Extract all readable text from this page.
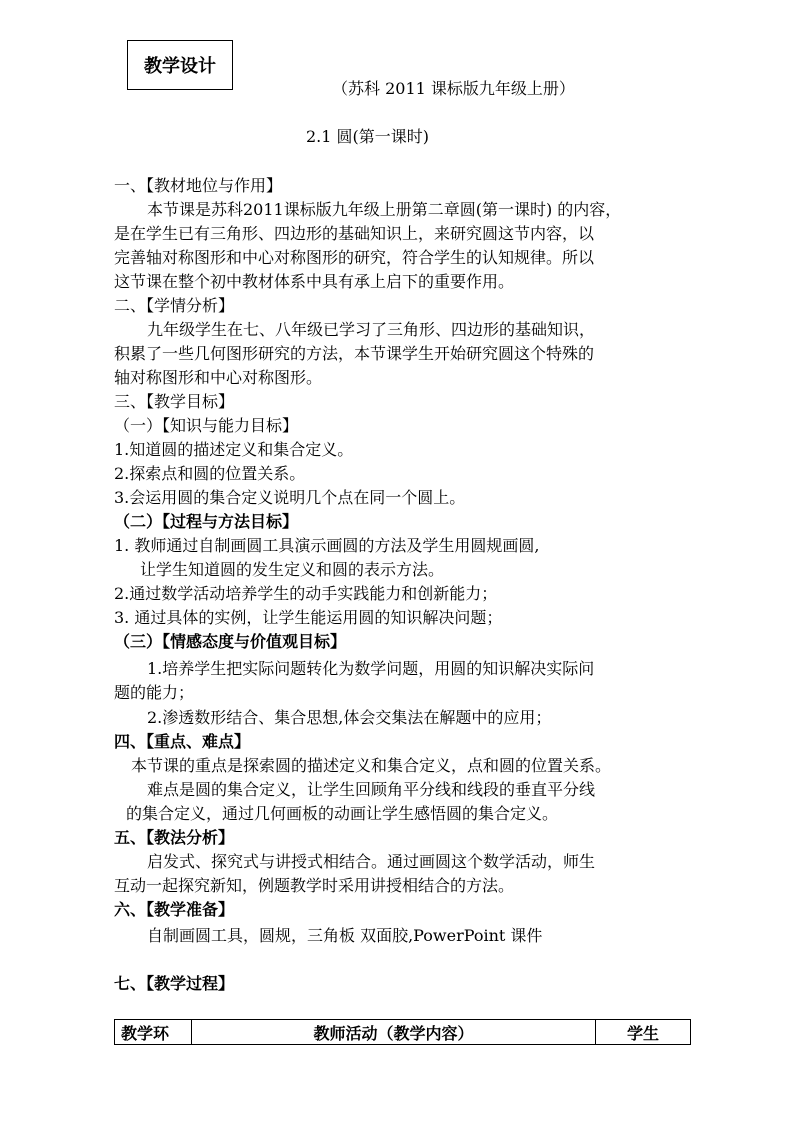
教学设计
（苏科 2011 课标版九年级上册）
2.1 圆(第一课时)
一、【教材地位与作用】
本节课是苏科2011课标版九年级上册第二章圆(第一课时) 的内容，
是在学生已有三角形、四边形的基础知识上，来研究圆这节内容，以
完善轴对称图形和中心对称图形的研究，符合学生的认知规律。所以
这节课在整个初中教材体系中具有承上启下的重要作用。
二、【学情分析】
九年级学生在七、八年级已学习了三角形、四边形的基础知识，
积累了一些几何图形研究的方法，本节课学生开始研究圆这个特殊的
轴对称图形和中心对称图形。
三、【教学目标】
（一）【知识与能力目标】
1.知道圆的描述定义和集合定义。
2.探索点和圆的位置关系。
3.会运用圆的集合定义说明几个点在同一个圆上。
（二）【过程与方法目标】
1. 教师通过自制画圆工具演示画圆的方法及学生用圆规画圆,
让学生知道圆的发生定义和圆的表示方法。
2.通过数学活动培养学生的动手实践能力和创新能力；
3. 通过具体的实例，让学生能运用圆的知识解决问题；
（三）【情感态度与价值观目标】
1.培养学生把实际问题转化为数学问题，用圆的知识解决实际问
题的能力；
2.渗透数形结合、集合思想,体会交集法在解题中的应用；
四、【重点、难点】
本节课的重点是探索圆的描述定义和集合定义，点和圆的位置关系。
难点是圆的集合定义，让学生回顾角平分线和线段的垂直平分线
的集合定义，通过几何画板的动画让学生感悟圆的集合定义。
五、【教法分析】
启发式、探究式与讲授式相结合。通过画圆这个数学活动，师生
互动一起探究新知，例题教学时采用讲授相结合的方法。
六、【教学准备】
自制画圆工具，圆规，三角板 双面胶,PowerPoint 课件
七、【教学过程】
教学环	教师活动（教学内容）	学生
